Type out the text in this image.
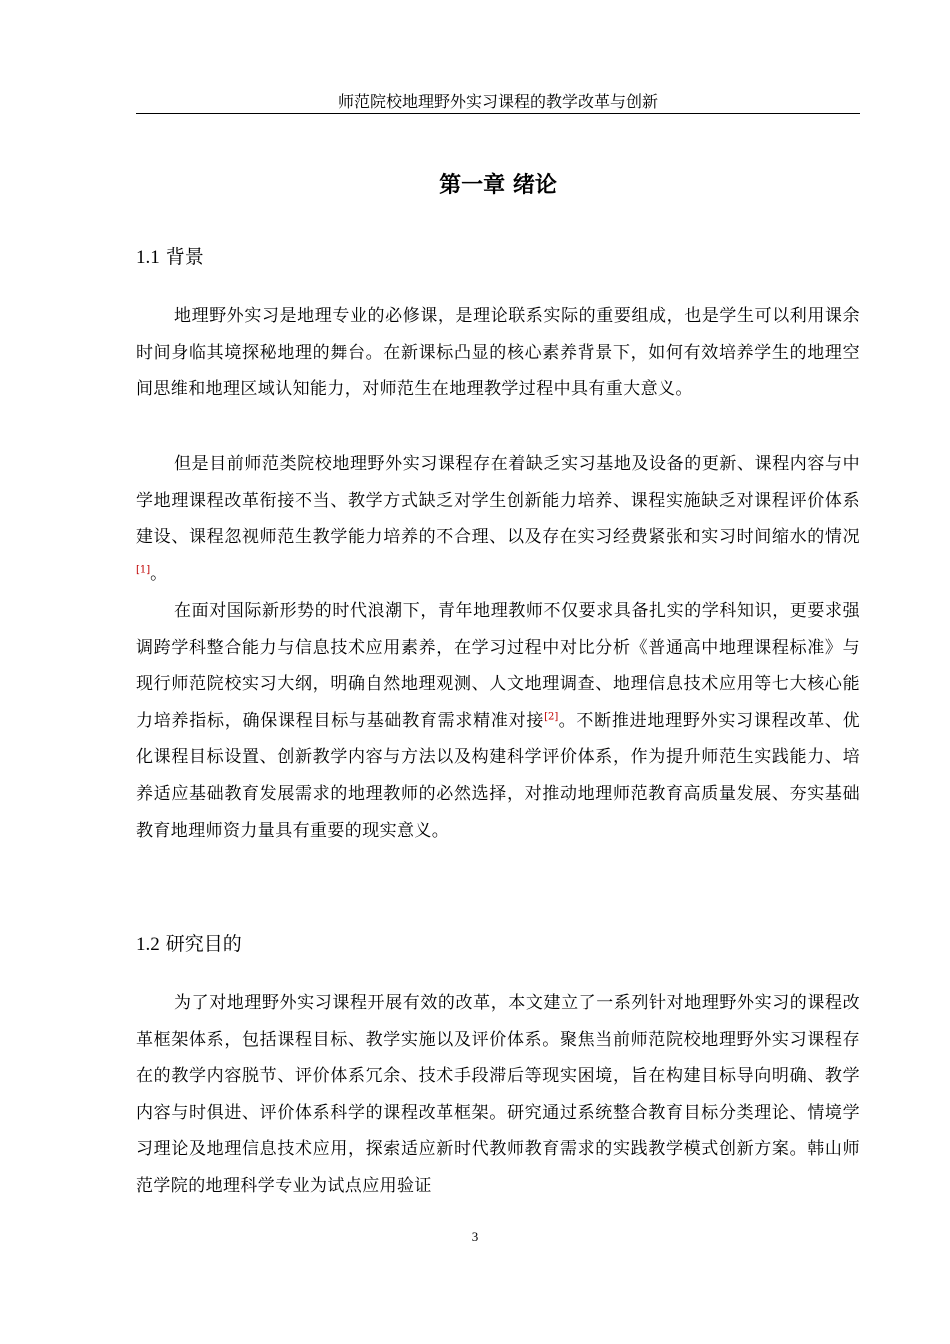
师范院校地理野外实习课程的教学改革与创新
第一章 绪论
1.1 背景
地理野外实习是地理专业的必修课，是理论联系实际的重要组成，也是学生可以利用课余时间身临其境探秘地理的舞台。在新课标凸显的核心素养背景下，如何有效培养学生的地理空间思维和地理区域认知能力，对师范生在地理教学过程中具有重大意义。
但是目前师范类院校地理野外实习课程存在着缺乏实习基地及设备的更新、课程内容与中学地理课程改革衔接不当、教学方式缺乏对学生创新能力培养、课程实施缺乏对课程评价体系建设、课程忽视师范生教学能力培养的不合理、以及存在实习经费紧张和实习时间缩水的情况[1]。
在面对国际新形势的时代浪潮下，青年地理教师不仅要求具备扎实的学科知识，更要求强调跨学科整合能力与信息技术应用素养，在学习过程中对比分析《普通高中地理课程标准》与现行师范院校实习大纲，明确自然地理观测、人文地理调查、地理信息技术应用等七大核心能力培养指标，确保课程目标与基础教育需求精准对接[2]。不断推进地理野外实习课程改革、优化课程目标设置、创新教学内容与方法以及构建科学评价体系，作为提升师范生实践能力、培养适应基础教育发展需求的地理教师的必然选择，对推动地理师范教育高质量发展、夯实基础教育地理师资力量具有重要的现实意义。
1.2 研究目的
为了对地理野外实习课程开展有效的改革，本文建立了一系列针对地理野外实习的课程改革框架体系，包括课程目标、教学实施以及评价体系。聚焦当前师范院校地理野外实习课程存在的教学内容脱节、评价体系冗余、技术手段滞后等现实困境，旨在构建目标导向明确、教学内容与时俱进、评价体系科学的课程改革框架。研究通过系统整合教育目标分类理论、情境学习理论及地理信息技术应用，探索适应新时代教师教育需求的实践教学模式创新方案。韩山师范学院的地理科学专业为试点应用验证
3
